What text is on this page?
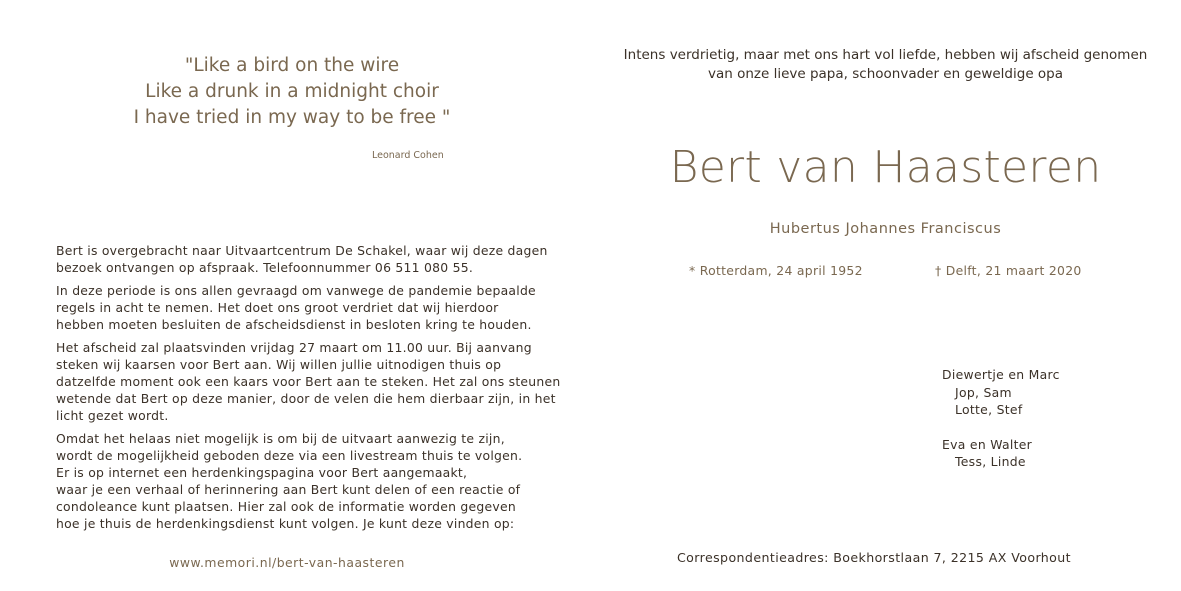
"Like a bird on the wire
Like a drunk in a midnight choir
I have tried in my way to be free "
Leonard Cohen

Bert is overgebracht naar Uitvaartcentrum De Schakel, waar wij deze dagen
bezoek ontvangen op afspraak. Telefoonnummer 06 511 080 55.

In deze periode is ons allen gevraagd om vanwege de pandemie bepaalde
regels in acht te nemen. Het doet ons groot verdriet dat wij hierdoor
hebben moeten besluiten de afscheidsdienst in besloten kring te houden.

Het afscheid zal plaatsvinden vrijdag 27 maart om 11.00 uur. Bij aanvang
steken wij kaarsen voor Bert aan. Wij willen jullie uitnodigen thuis op
datzelfde moment ook een kaars voor Bert aan te steken. Het zal ons steunen
wetende dat Bert op deze manier, door de velen die hem dierbaar zijn, in het
licht gezet wordt.

Omdat het helaas niet mogelijk is om bij de uitvaart aanwezig te zijn,
wordt de mogelijkheid geboden deze via een livestream thuis te volgen.
Er is op internet een herdenkingspagina voor Bert aangemaakt,
waar je een verhaal of herinnering aan Bert kunt delen of een reactie of
condoleance kunt plaatsen. Hier zal ook de informatie worden gegeven
hoe je thuis de herdenkingsdienst kunt volgen. Je kunt deze vinden op:

www.memori.nl/bert-van-haasteren
Intens verdrietig, maar met ons hart vol liefde, hebben wij afscheid genomen
van onze lieve papa, schoonvader en geweldige opa
Bert van Haasteren
Hubertus Johannes Franciscus
* Rotterdam, 24 april 1952	† Delft, 21 maart 2020
Diewertje en Marc
Jop, Sam
Lotte, Stef
Eva en Walter
Tess, Linde
Correspondentieadres: Boekhorstlaan 7, 2215 AX Voorhout
